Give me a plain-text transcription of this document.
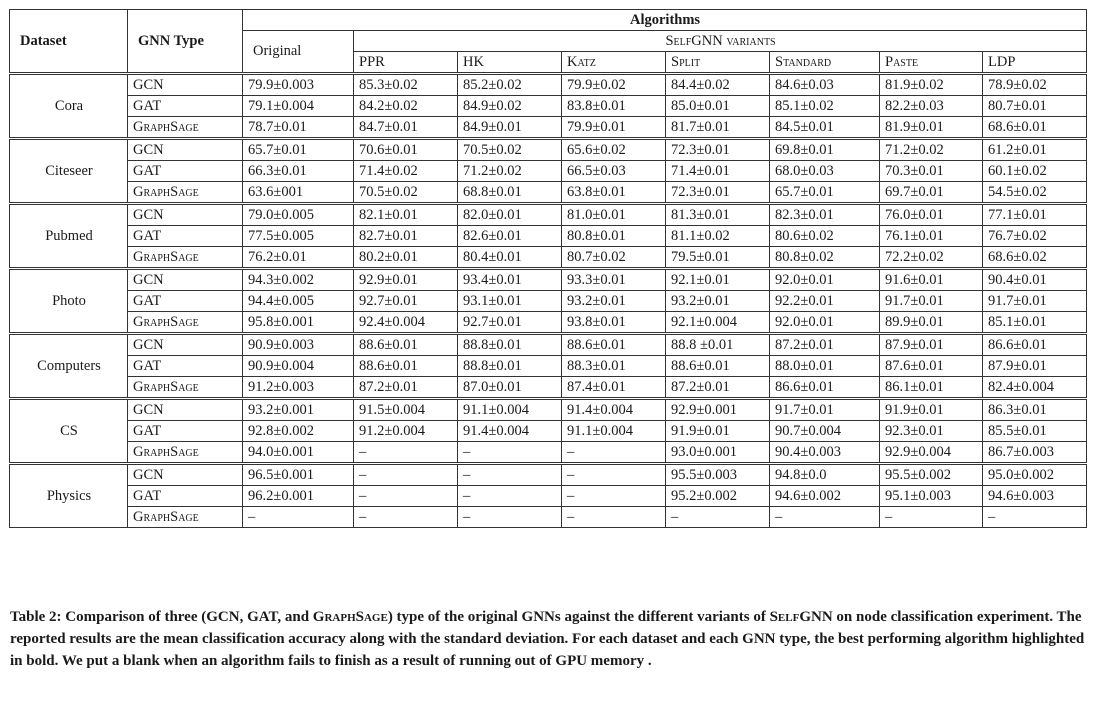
Dataset	GNN Type	Algorithms							
		Original	SelfGNN variants						
			PPR	HK	Katz	Split	Standard	Paste	LDP
Cora	GCN	79.9±0.003	85.3±0.02	85.2±0.02	79.9±0.02	84.4±0.02	84.6±0.03	81.9±0.02	78.9±0.02
	GAT	79.1±0.004	84.2±0.02	84.9±0.02	83.8±0.01	85.0±0.01	85.1±0.02	82.2±0.03	80.7±0.01
	GraphSage	78.7±0.01	84.7±0.01	84.9±0.01	79.9±0.01	81.7±0.01	84.5±0.01	81.9±0.01	68.6±0.01
Citeseer	GCN	65.7±0.01	70.6±0.01	70.5±0.02	65.6±0.02	72.3±0.01	69.8±0.01	71.2±0.02	61.2±0.01
	GAT	66.3±0.01	71.4±0.02	71.2±0.02	66.5±0.03	71.4±0.01	68.0±0.03	70.3±0.01	60.1±0.02
	GraphSage	63.6±001	70.5±0.02	68.8±0.01	63.8±0.01	72.3±0.01	65.7±0.01	69.7±0.01	54.5±0.02
Pubmed	GCN	79.0±0.005	82.1±0.01	82.0±0.01	81.0±0.01	81.3±0.01	82.3±0.01	76.0±0.01	77.1±0.01
	GAT	77.5±0.005	82.7±0.01	82.6±0.01	80.8±0.01	81.1±0.02	80.6±0.02	76.1±0.01	76.7±0.02
	GraphSage	76.2±0.01	80.2±0.01	80.4±0.01	80.7±0.02	79.5±0.01	80.8±0.02	72.2±0.02	68.6±0.02
Photo	GCN	94.3±0.002	92.9±0.01	93.4±0.01	93.3±0.01	92.1±0.01	92.0±0.01	91.6±0.01	90.4±0.01
	GAT	94.4±0.005	92.7±0.01	93.1±0.01	93.2±0.01	93.2±0.01	92.2±0.01	91.7±0.01	91.7±0.01
	GraphSage	95.8±0.001	92.4±0.004	92.7±0.01	93.8±0.01	92.1±0.004	92.0±0.01	89.9±0.01	85.1±0.01
Computers	GCN	90.9±0.003	88.6±0.01	88.8±0.01	88.6±0.01	88.8 ±0.01	87.2±0.01	87.9±0.01	86.6±0.01
	GAT	90.9±0.004	88.6±0.01	88.8±0.01	88.3±0.01	88.6±0.01	88.0±0.01	87.6±0.01	87.9±0.01
	GraphSage	91.2±0.003	87.2±0.01	87.0±0.01	87.4±0.01	87.2±0.01	86.6±0.01	86.1±0.01	82.4±0.004
CS	GCN	93.2±0.001	91.5±0.004	91.1±0.004	91.4±0.004	92.9±0.001	91.7±0.01	91.9±0.01	86.3±0.01
	GAT	92.8±0.002	91.2±0.004	91.4±0.004	91.1±0.004	91.9±0.01	90.7±0.004	92.3±0.01	85.5±0.01
	GraphSage	94.0±0.001	–	–	–	93.0±0.001	90.4±0.003	92.9±0.004	86.7±0.003
Physics	GCN	96.5±0.001	–	–	–	95.5±0.003	94.8±0.0	95.5±0.002	95.0±0.002
	GAT	96.2±0.001	–	–	–	95.2±0.002	94.6±0.002	95.1±0.003	94.6±0.003
	GraphSage	–	–	–	–	–	–	–	–
Table 2: Comparison of three (GCN, GAT, and GraphSage) type of the original GNNs against the different variants of SelfGNN on node classification experiment. The reported results are the mean classification accuracy along with the standard deviation. For each dataset and each GNN type, the best performing algorithm highlighted in bold. We put a blank when an algorithm fails to finish as a result of running out of GPU memory .
